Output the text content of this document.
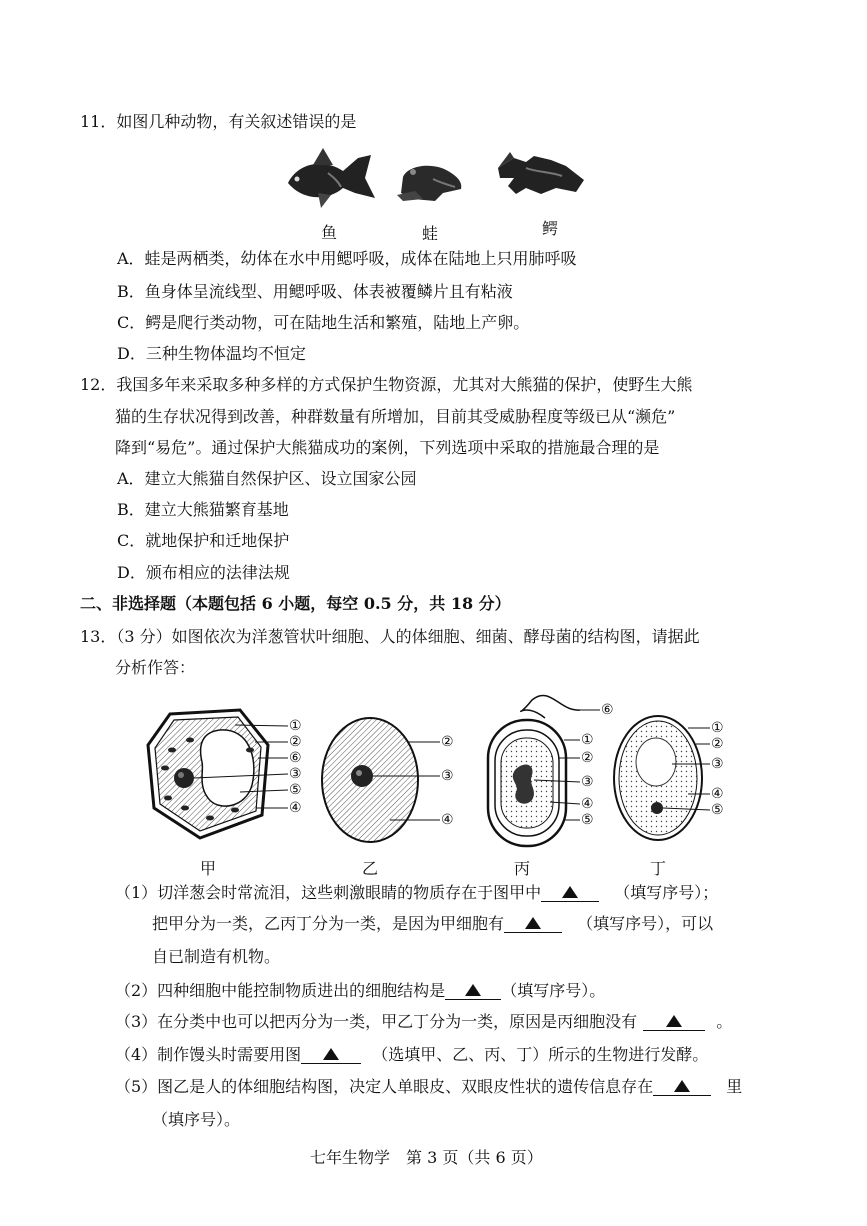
11．如图几种动物，有关叙述错误的是
鱼	蛙	鳄
A．蛙是两栖类，幼体在水中用鳃呼吸，成体在陆地上只用肺呼吸
B．鱼身体呈流线型、用鳃呼吸、体表被覆鳞片且有粘液
C．鳄是爬行类动物，可在陆地生活和繁殖，陆地上产卵。
D．三种生物体温均不恒定
12．我国多年来采取多种多样的方式保护生物资源，尤其对大熊猫的保护，使野生大熊
猫的生存状况得到改善，种群数量有所增加，目前其受威胁程度等级已从“濒危”
降到“易危”。通过保护大熊猫成功的案例，下列选项中采取的措施最合理的是
A．建立大熊猫自然保护区、设立国家公园
B．建立大熊猫繁育基地
C．就地保护和迁地保护
D．颁布相应的法律法规
二、非选择题（本题包括 6 小题，每空 0.5 分，共 18 分）
13．（3 分）如图依次为洋葱管状叶细胞、人的体细胞、细菌、酵母菌的结构图，请据此
分析作答：
①
②
⑥
③
⑤
④
②
③
④
⑥
①
②
③
④
⑤
①
②
③
④
⑤
甲	乙	丙	丁
（1）切洋葱会时常流泪，这些刺激眼睛的物质存在于图甲中	（填写序号）；
把甲分为一类，乙丙丁分为一类，是因为甲细胞有	（填写序号），可以
自已制造有机物。
（2）四种细胞中能控制物质进出的细胞结构是	（填写序号）。
（3）在分类中也可以把丙分为一类，甲乙丁分为一类，原因是丙细胞没有	。
（4）制作馒头时需要用图	（选填甲、乙、丙、丁）所示的生物进行发酵。
（5）图乙是人的体细胞结构图，决定人单眼皮、双眼皮性状的遗传信息存在	里
（填序号）。
七年生物学　第 3 页（共 6 页）
